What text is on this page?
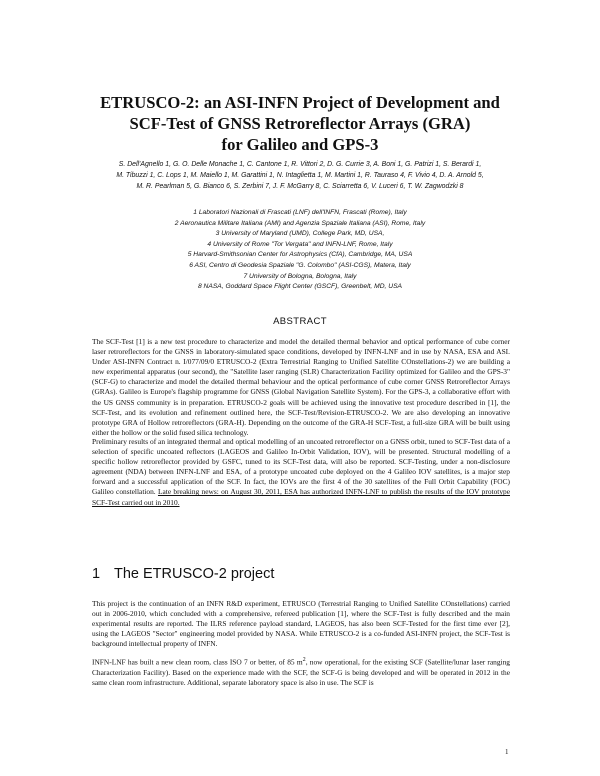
ETRUSCO-2: an ASI-INFN Project of Development and
SCF-Test of GNSS Retroreflector Arrays (GRA)
for Galileo and GPS-3
S. Dell'Agnello 1, G. O. Delle Monache 1, C. Cantone 1, R. Vittori 2, D. G. Currie 3, A. Boni 1, G. Patrizi 1, S. Berardi 1,
M. Tibuzzi 1, C. Lops 1, M. Maiello 1, M. Garattini 1, N. Intaglietta 1, M. Martini 1, R. Tauraso 4, F. Vivio 4, D. A. Arnold 5,
M. R. Pearlman 5, G. Bianco 6, S. Zerbini 7, J. F. McGarry 8, C. Sciarretta 6, V. Luceri 6, T. W. Zagwodzki 8
1 Laboratori Nazionali di Frascati (LNF) dell'INFN, Frascati (Rome), Italy
2 Aeronautica Militare Italiana (AMI) and Agenzia Spaziale Italiana (ASI), Rome, Italy
3 University of Maryland (UMD), College Park, MD, USA,
4 University of Rome "Tor Vergata" and INFN-LNF, Rome, Italy
5 Harvard-Smithsonian Center for Astrophysics (CfA), Cambridge, MA, USA
6 ASI, Centro di Geodesia Spaziale "G. Colombo" (ASI-CGS), Matera, Italy
7 University of Bologna, Bologna, Italy
8 NASA, Goddard Space Flight Center (GSCF), Greenbelt, MD, USA
ABSTRACT

The SCF-Test [1] is a new test procedure to characterize and model the detailed thermal behavior and optical performance of cube corner laser retroreflectors for the GNSS in laboratory-simulated space conditions, developed by INFN-LNF and in use by NASA, ESA and ASI. Under ASI-INFN Contract n. I/077/09/0 ETRUSCO-2 (Extra Terrestrial Ranging to Unified Satellite COnstellations-2) we are building a new experimental apparatus (our second), the "Satellite laser ranging (SLR) Characterization Facility optimized for Galileo and the GPS-3" (SCF-G) to characterize and model the detailed thermal behaviour and the optical performance of cube corner GNSS Retroreflector Arrays (GRAs). Galileo is Europe's flagship programme for GNSS (Global Navigation Satellite System). For the GPS-3, a collaborative effort with the US GNSS community is in preparation. ETRUSCO-2 goals will be achieved using the innovative test procedure described in [1], the SCF-Test, and its evolution and refinement outlined here, the SCF-Test/Revision-ETRUSCO-2. We are also developing an innovative prototype GRA of Hollow retroreflectors (GRA-H). Depending on the outcome of the GRA-H SCF-Test, a full-size GRA will be built using either the hollow or the solid fused silica technology.

Preliminary results of an integrated thermal and optical modelling of an uncoated retroreflector on a GNSS orbit, tuned to SCF-Test data of a selection of specific uncoated reflectors (LAGEOS and Galileo In-Orbit Validation, IOV), will be presented. Structural modelling of a specific hollow retroreflector provided by GSFC, tuned to its SCF-Test data, will also be reported. SCF-Testing, under a non-disclosure agreement (NDA) between INFN-LNF and ESA, of a prototype uncoated cube deployed on the 4 Galileo IOV satellites, is a major step forward and a successful application of the SCF. In fact, the IOVs are the first 4 of the 30 satellites of the Full Orbit Capability (FOC) Galileo constellation. Late breaking news: on August 30, 2011, ESA has authorized INFN-LNF to publish the results of the IOV prototype SCF-Test carried out in 2010.

1 The ETRUSCO-2 project

This project is the continuation of an INFN R&D experiment, ETRUSCO (Terrestrial Ranging to Unified Satellite COnstellations) carried out in 2006-2010, which concluded with a comprehensive, refereed publication [1], where the SCF-Test is fully described and the main experimental results are reported. The ILRS reference payload standard, LAGEOS, has also been SCF-Tested for the first time ever [2], using the LAGEOS "Sector" engineering model provided by NASA. While ETRUSCO-2 is a co-funded ASI-INFN project, the SCF-Test is background intellectual property of INFN.

INFN-LNF has built a new clean room, class ISO 7 or better, of 85 $m^2$, now operational, for the existing SCF (Satellite/lunar laser ranging Characterization Facility). Based on the experience made with the SCF, the SCF-G is being developed and will be operated in 2012 in the same clean room infrastructure. Additional, separate laboratory space is also in use. The SCF is

1
